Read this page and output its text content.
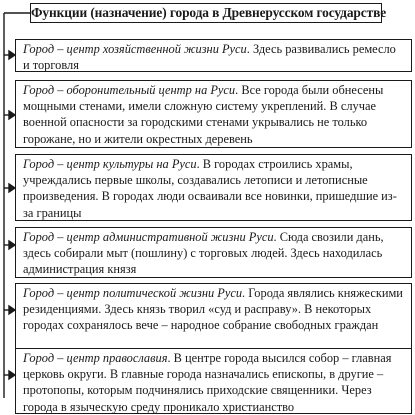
Функции (назначение) города в Древнерусском государстве

Город – центр хозяйственной жизни Руси. Здесь развивались ремесло и торговля

Город – оборонительный центр на Руси. Все города были обнесены мощными стенами, имели сложную систему укреплений. В случае военной опасности за городскими стенами укрывались не только горожане, но и жители окрестных деревень

Город – центр культуры на Руси. В городах строились храмы, учреждались первые школы, создавались летописи и летописные произведения. В городах люди осваивали все новинки, пришедшие из-за границы

Город – центр административной жизни Руси. Сюда свозили дань, здесь собирали мыт (пошлину) с торговых людей. Здесь находилась администрация князя

Город – центр политической жизни Руси. Города являлись княжескими резиденциями. Здесь князь творил «суд и расправу». В некоторых городах сохранялось вече – народное собрание свободных граждан

Город – центр православия. В центре города высился собор – главная церковь округи. В главные города назначались епископы, в другие – протопопы, которым подчинялись приходские священники. Через города в языческую среду проникало христианство
